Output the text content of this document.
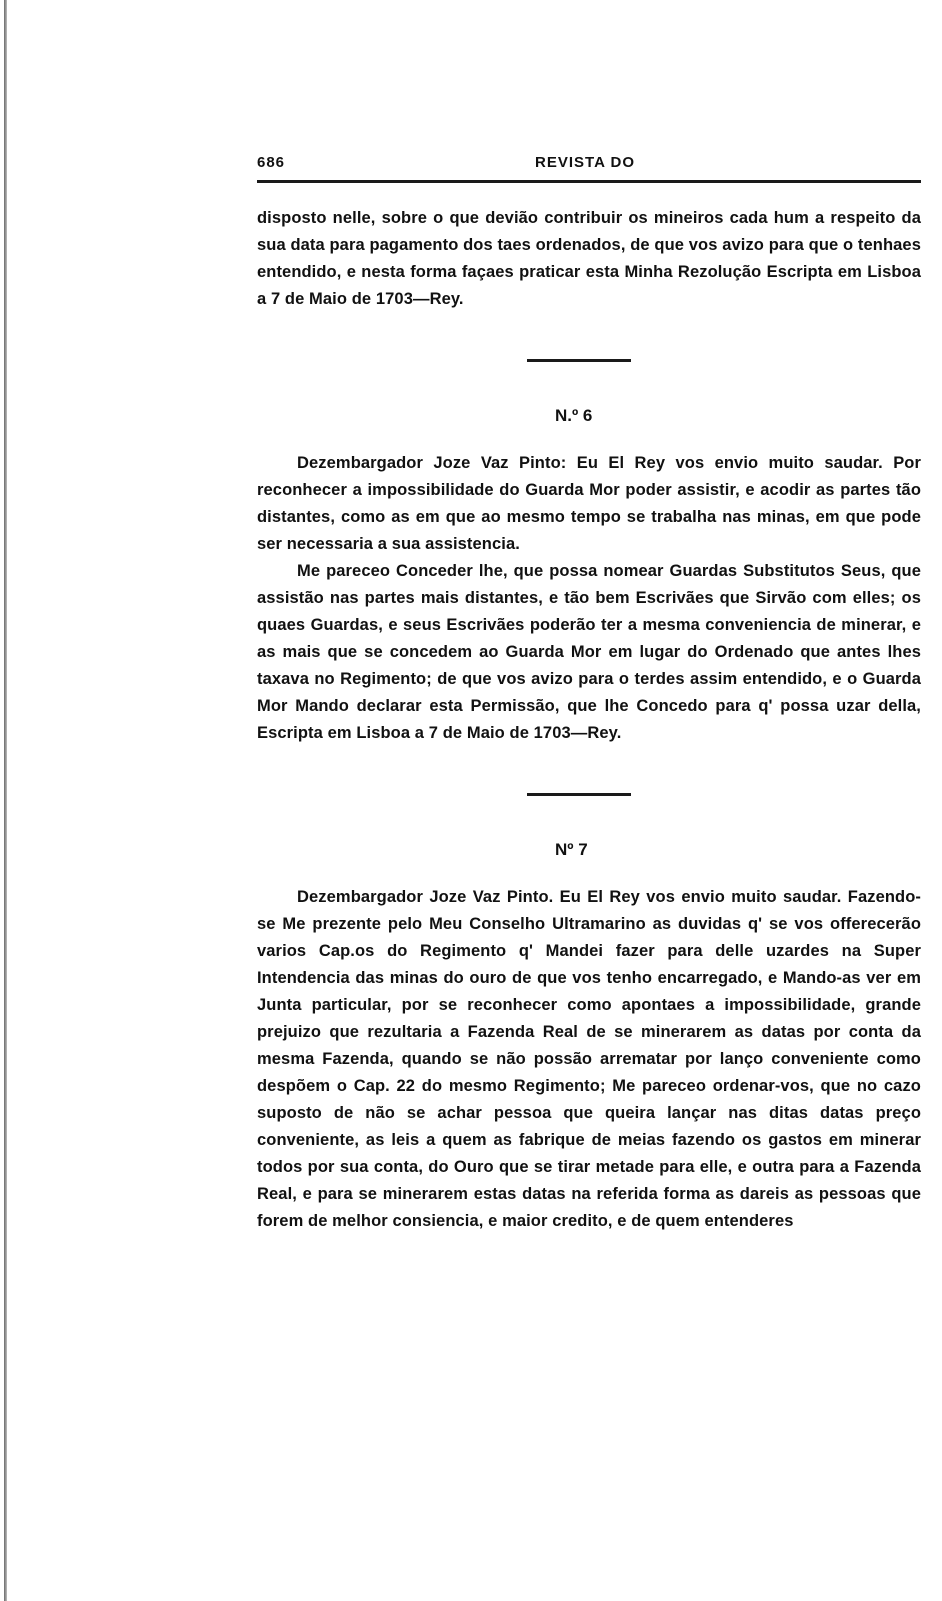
686	REVISTA DO

disposto nelle, sobre o que devião contribuir os mineiros cada hum a respeito da sua data para pagamento dos taes ordenados, de que vos avizo para que o tenhaes entendido, e nesta forma façaes praticar esta Minha Rezolução Escripta em Lisboa a 7 de Maio de 1703—Rey.

N.º 6

Dezembargador Joze Vaz Pinto: Eu El Rey vos envio muito saudar. Por reconhecer a impossibilidade do Guarda Mor poder assistir, e acodir as partes tão distantes, como as em que ao mesmo tempo se trabalha nas minas, em que pode ser necessaria a sua assistencia.

Me pareceo Conceder lhe, que possa nomear Guardas Substitutos Seus, que assistão nas partes mais distantes, e tão bem Escrivães que Sirvão com elles; os quaes Guardas, e seus Escrivães poderão ter a mesma conveniencia de minerar, e as mais que se concedem ao Guarda Mor em lugar do Ordenado que antes lhes taxava no Regimento; de que vos avizo para o terdes assim entendido, e o Guarda Mor Mando declarar esta Permissão, que lhe Concedo para q' possa uzar della, Escripta em Lisboa a 7 de Maio de 1703—Rey.

Nº 7

Dezembargador Joze Vaz Pinto. Eu El Rey vos envio muito saudar. Fazendo-se Me prezente pelo Meu Conselho Ultramarino as duvidas q' se vos offerecerão varios Cap.os do Regimento q' Mandei fazer para delle uzardes na Super Intendencia das minas do ouro de que vos tenho encarregado, e Mando-as ver em Junta particular, por se reconhecer como apontaes a impossibilidade, grande prejuizo que rezultaria a Fazenda Real de se minerarem as datas por conta da mesma Fazenda, quando se não possão arrematar por lanço conveniente como despõem o Cap. 22 do mesmo Regimento; Me pareceo ordenar-vos, que no cazo suposto de não se achar pessoa que queira lançar nas ditas datas preço conveniente, as leis a quem as fabrique de meias fazendo os gastos em minerar todos por sua conta, do Ouro que se tirar metade para elle, e outra para a Fazenda Real, e para se minerarem estas datas na referida forma as dareis as pessoas que forem de melhor consiencia, e maior credito, e de quem entenderes
